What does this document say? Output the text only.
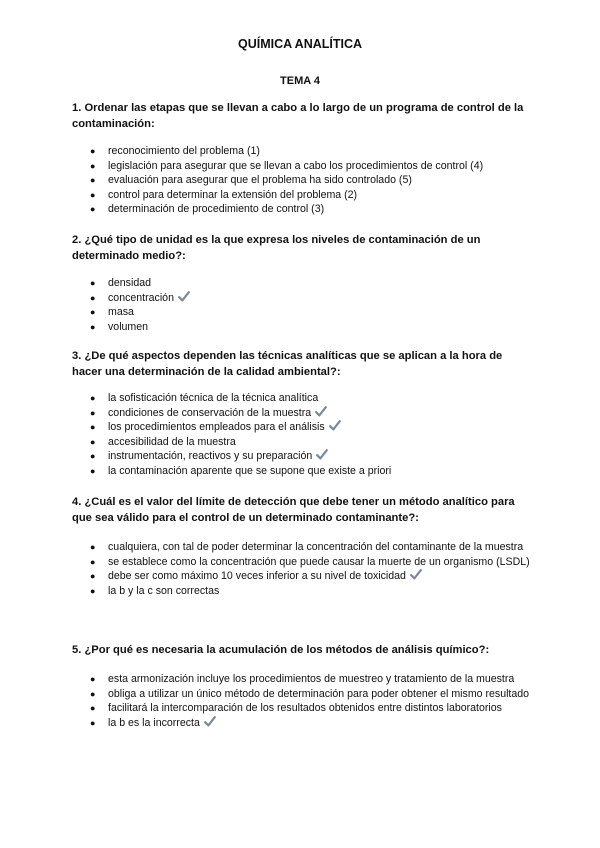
QUÍMICA ANALÍTICA
TEMA 4
1. Ordenar las etapas que se llevan a cabo a lo largo de un programa de control de la contaminación:
● reconocimiento del problema (1)
● legislación para asegurar que se llevan a cabo los procedimientos de control (4)
● evaluación para asegurar que el problema ha sido controlado (5)
● control para determinar la extensión del problema (2)
● determinación de procedimiento de control (3)
2. ¿Qué tipo de unidad es la que expresa los niveles de contaminación de un determinado medio?:
● densidad
● concentración
● masa
● volumen
3. ¿De qué aspectos dependen las técnicas analíticas que se aplican a la hora de hacer una determinación de la calidad ambiental?:
● la sofisticación técnica de la técnica analítica
● condiciones de conservación de la muestra
● los procedimientos empleados para el análisis
● accesibilidad de la muestra
● instrumentación, reactivos y su preparación
● la contaminación aparente que se supone que existe a priori
4. ¿Cuál es el valor del límite de detección que debe tener un método analítico para que sea válido para el control de un determinado contaminante?:
● cualquiera, con tal de poder determinar la concentración del contaminante de la muestra
● se establece como la concentración que puede causar la muerte de un organismo (LSDL)
● debe ser como máximo 10 veces inferior a su nivel de toxicidad
● la b y la c son correctas
5. ¿Por qué es necesaria la acumulación de los métodos de análisis químico?:
● esta armonización incluye los procedimientos de muestreo y tratamiento de la muestra
● obliga a utilizar un único método de determinación para poder obtener el mismo resultado
● facilitará la intercomparación de los resultados obtenidos entre distintos laboratorios
● la b es la incorrecta
